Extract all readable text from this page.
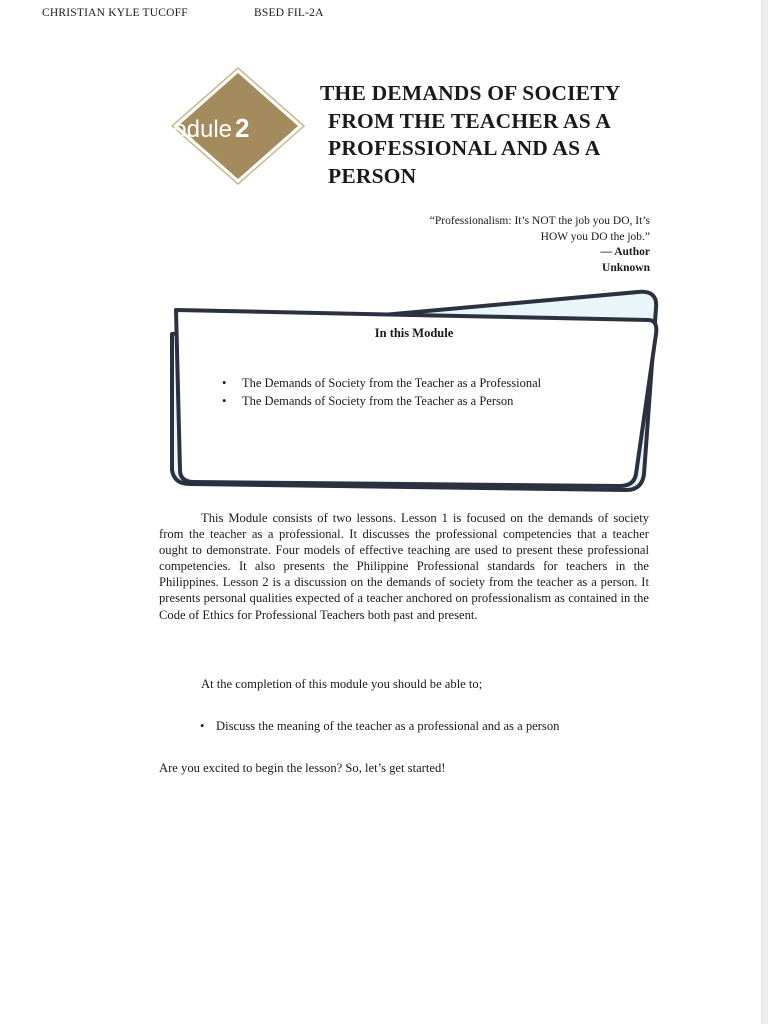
CHRISTIAN KYLE TUCOFF	BSED FIL-2A
Module 2
THE DEMANDS OF SOCIETY
FROM THE TEACHER AS A
PROFESSIONAL AND AS A
PERSON
“Professionalism: It’s NOT the job you DO, It’s
HOW you DO the job.”
— Author
Unknown
In this Module
• The Demands of Society from the Teacher as a Professional
• The Demands of Society from the Teacher as a Person

This Module consists of two lessons. Lesson 1 is focused on the demands of society from the teacher as a professional. It discusses the professional competencies that a teacher ought to demonstrate. Four models of effective teaching are used to present these professional competencies. It also presents the Philippine Professional standards for teachers in the Philippines. Lesson 2 is a discussion on the demands of society from the teacher as a person. It presents personal qualities expected of a teacher anchored on professionalism as contained in the Code of Ethics for Professional Teachers both past and present.

At the completion of this module you should be able to;
• Discuss the meaning of the teacher as a professional and as a person
Are you excited to begin the lesson? So, let’s get started!
